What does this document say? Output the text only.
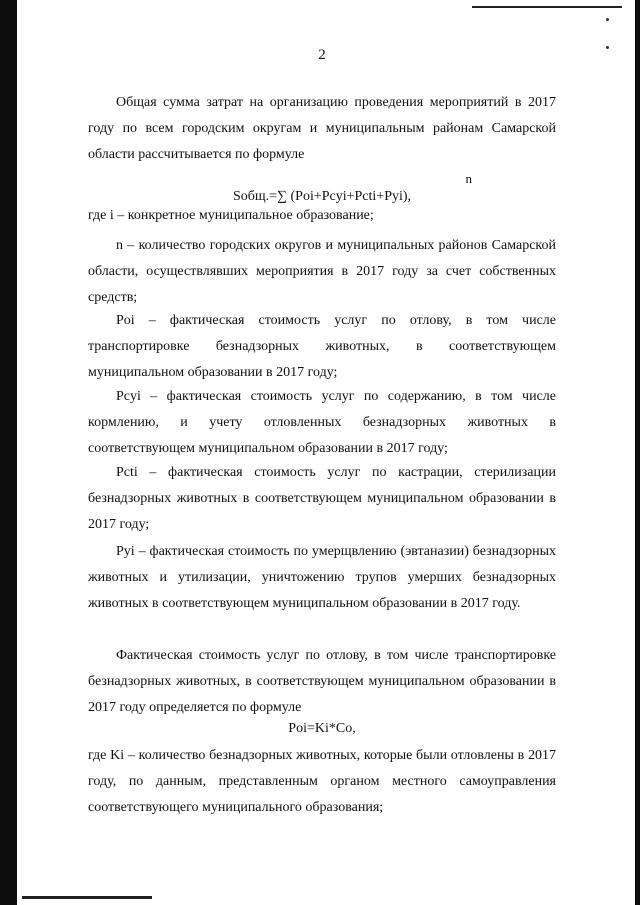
2

Общая сумма затрат на организацию проведения мероприятий в 2017 году по всем городским округам и муниципальным районам Самарской области рассчитывается по формуле

n
Sобщ.=∑ (Poi+Pcyi+Pcti+Pyi),

где i – конкретное муниципальное образование;

n – количество городских округов и муниципальных районов Самарской области, осуществлявших мероприятия в 2017 году за счет собственных средств;

Poi – фактическая стоимость услуг по отлову, в том числе транспортировке безнадзорных животных, в соответствующем муниципальном образовании в 2017 году;

Pcyi – фактическая стоимость услуг по содержанию, в том числе кормлению, и учету отловленных безнадзорных животных в соответствующем муниципальном образовании в 2017 году;

Pcti – фактическая стоимость услуг по кастрации, стерилизации безнадзорных животных в соответствующем муниципальном образовании в 2017 году;

Pyi – фактическая стоимость по умерщвлению (эвтаназии) безнадзорных животных и утилизации, уничтожению трупов умерших безнадзорных животных в соответствующем муниципальном образовании в 2017 году.

Фактическая стоимость услуг по отлову, в том числе транспортировке безнадзорных животных, в соответствующем муниципальном образовании в 2017 году определяется по формуле

Poi=Ki*Co,

где Ki – количество безнадзорных животных, которые были отловлены в 2017 году, по данным, представленным органом местного самоуправления соответствующего муниципального образования;
